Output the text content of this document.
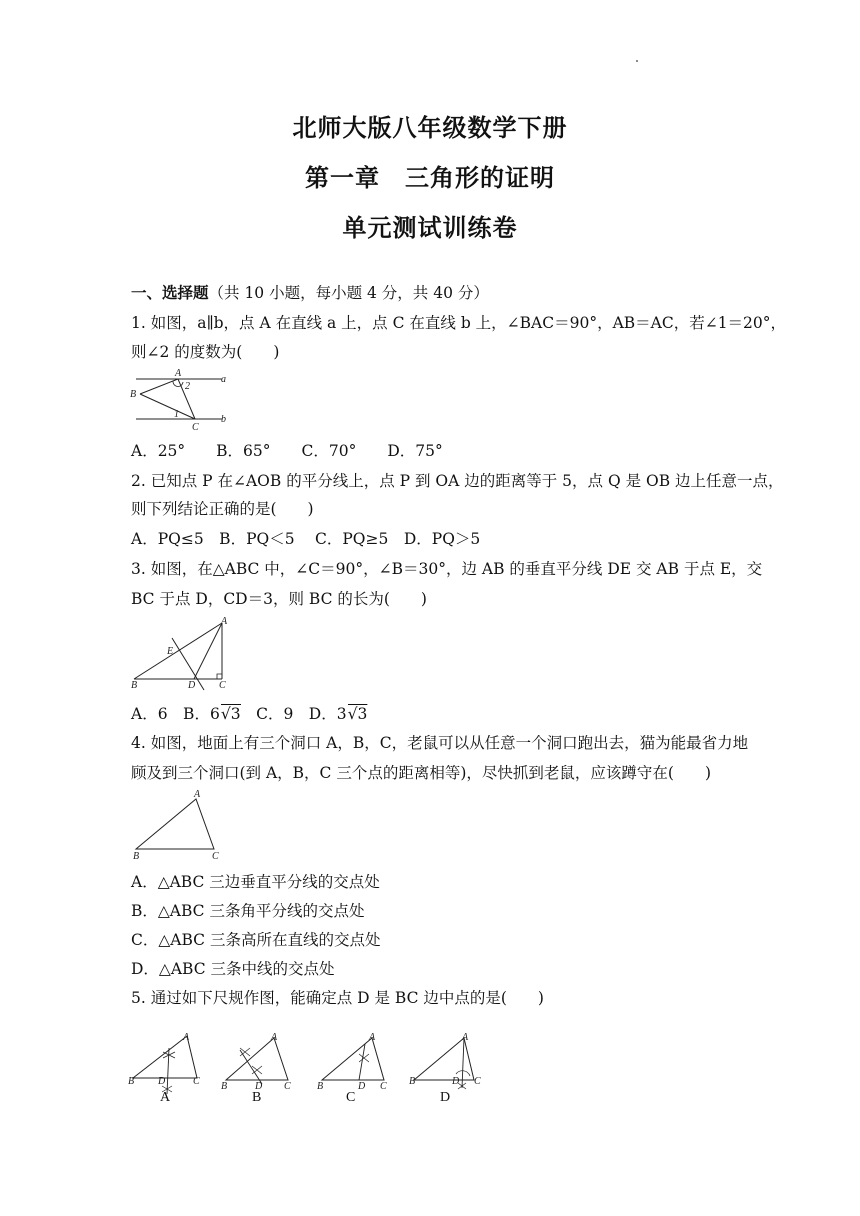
北师大版八年级数学下册
第一章　三角形的证明
单元测试训练卷
一、选择题（共 10 小题，每小题 4 分，共 40 分）
1. 如图，a∥b，点 A 在直线 a 上，点 C 在直线 b 上，∠BAC＝90°，AB＝AC，若∠1＝20°，
则∠2 的度数为(　　)
a
b
A
B
C
1
2
A．25°　　B．65°　　C．70°　　D．75°
2. 已知点 P 在∠AOB 的平分线上，点 P 到 OA 边的距离等于 5，点 Q 是 OB 边上任意一点，
则下列结论正确的是(　　)
A．PQ≤5　B．PQ＜5　 C．PQ≥5　D．PQ＞5
3. 如图，在△ABC 中，∠C＝90°，∠B＝30°，边 AB 的垂直平分线 DE 交 AB 于点 E，交
BC 于点 D，CD＝3，则 BC 的长为(　　)
A
B	C
D
E
A．6　B．6√3　C．9　D．3√3
4. 如图，地面上有三个洞口 A，B，C，老鼠可以从任意一个洞口跑出去，猫为能最省力地
顾及到三个洞口(到 A，B，C 三个点的距离相等)，尽快抓到老鼠，应该蹲守在(　　)
A
B	C
A．△ABC 三边垂直平分线的交点处
B．△ABC 三条角平分线的交点处
C．△ABC 三条高所在直线的交点处
D．△ABC 三条中线的交点处
5. 通过如下尺规作图，能确定点 D 是 BC 边中点的是(　　)
A
B	C
D
A
A
B	C
D
B
A
B	C
D
C
A
B	C
D
D
